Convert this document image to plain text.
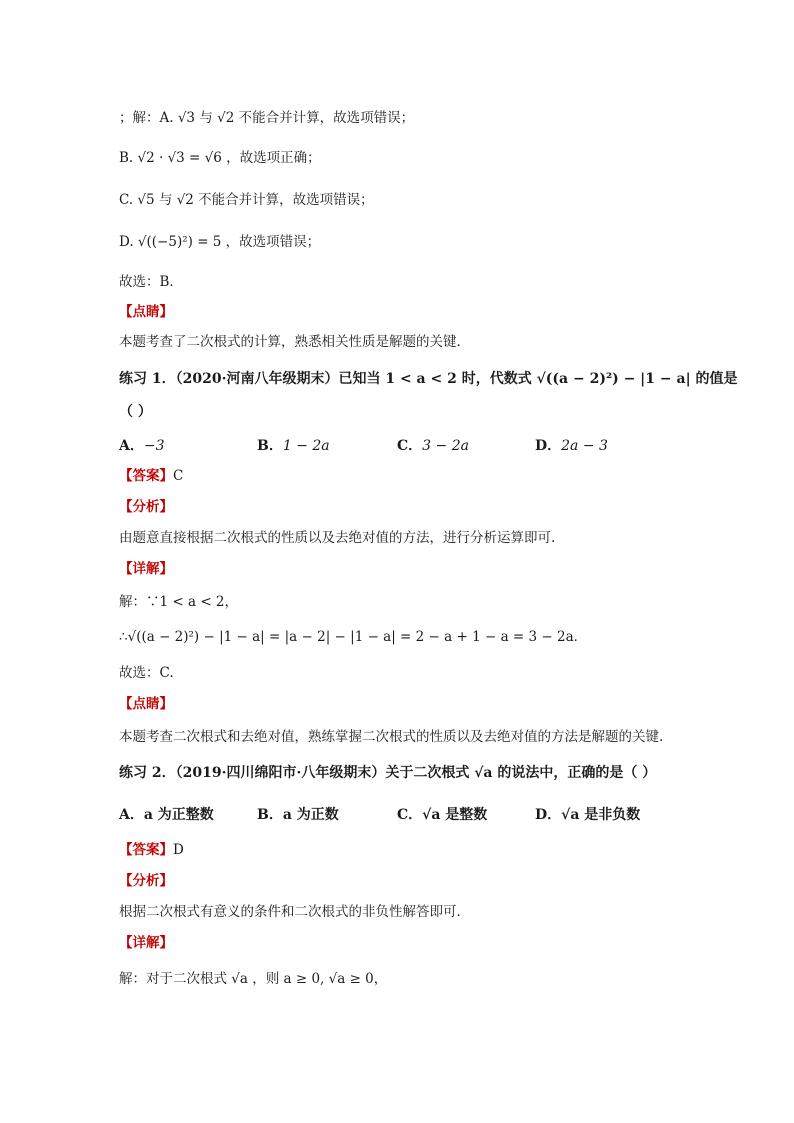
；解：A. √3 与 √2 不能合并计算，故选项错误；
B. √2 · √3 = √6 ，故选项正确；
C. √5 与 √2 不能合并计算，故选项错误；
D. √((−5)²) = 5 ，故选项错误；
故选：B．
【点睛】
本题考查了二次根式的计算，熟悉相关性质是解题的关键．
练习 1．（2020·河南八年级期末）已知当 1 < a < 2 时，代数式 √((a − 2)²) − |1 − a| 的值是
（ ）
A．−3	B．1 − 2a	C．3 − 2a	D．2a − 3
【答案】C
【分析】
由题意直接根据二次根式的性质以及去绝对值的方法，进行分析运算即可.
【详解】
解：∵1 < a < 2，
∴√((a − 2)²) − |1 − a| = |a − 2| − |1 − a| = 2 − a + 1 − a = 3 − 2a．
故选：C.
【点睛】
本题考查二次根式和去绝对值，熟练掌握二次根式的性质以及去绝对值的方法是解题的关键.
练习 2．（2019·四川绵阳市·八年级期末）关于二次根式 √a 的说法中，正确的是（ ）
A．a 为正整数	B．a 为正数	C．√a 是整数	D．√a 是非负数
【答案】D
【分析】
根据二次根式有意义的条件和二次根式的非负性解答即可．
【详解】
解：对于二次根式 √a ，则 a ≥ 0, √a ≥ 0，
